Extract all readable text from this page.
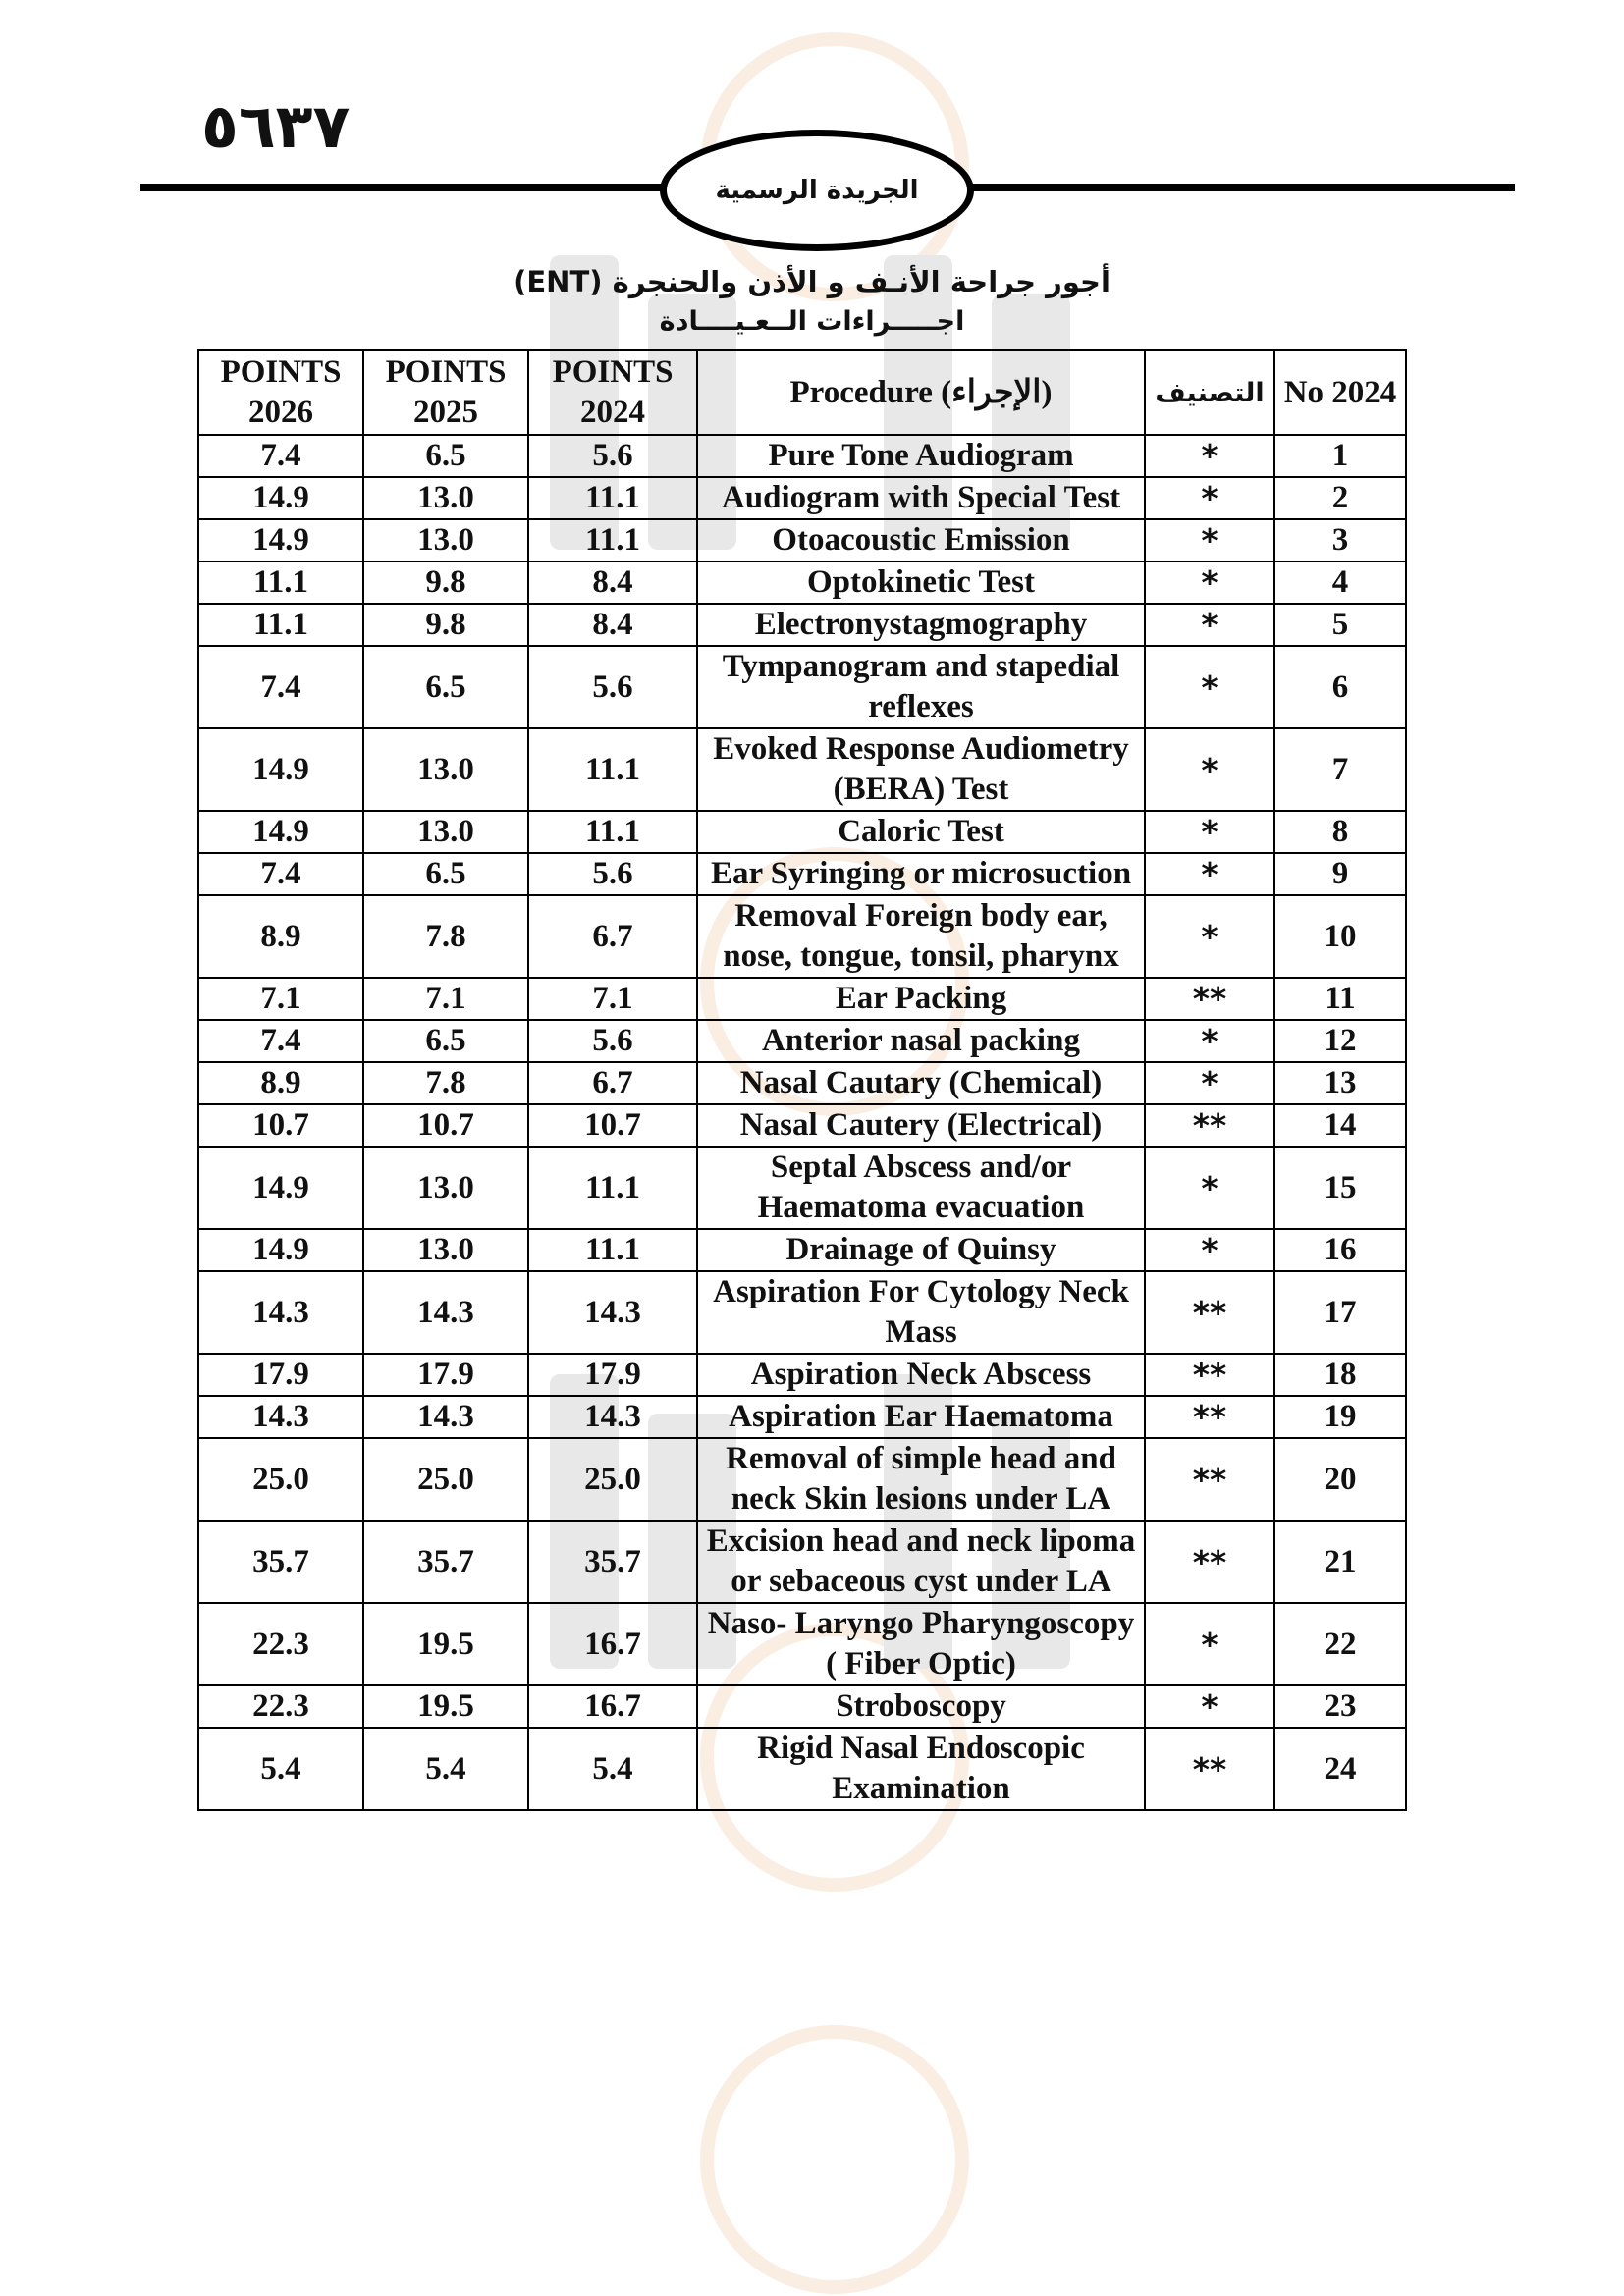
٥٦٣٧
الجريدة الرسمية
أجور جراحة الأنـف و الأذن والحنجرة (ENT)
اجـــــراءات الــعـيــــادة
POINTS 2026	POINTS 2025	POINTS 2024	Procedure (الإجراء)	التصنيف	No 2024
7.4	6.5	5.6	Pure Tone Audiogram	*	1
14.9	13.0	11.1	Audiogram with Special Test	*	2
14.9	13.0	11.1	Otoacoustic Emission	*	3
11.1	9.8	8.4	Optokinetic Test	*	4
11.1	9.8	8.4	Electronystagmography	*	5
7.4	6.5	5.6	Tympanogram and stapedial reflexes	*	6
14.9	13.0	11.1	Evoked Response Audiometry (BERA) Test	*	7
14.9	13.0	11.1	Caloric Test	*	8
7.4	6.5	5.6	Ear Syringing or microsuction	*	9
8.9	7.8	6.7	Removal Foreign body ear, nose, tongue, tonsil, pharynx	*	10
7.1	7.1	7.1	Ear Packing	**	11
7.4	6.5	5.6	Anterior nasal packing	*	12
8.9	7.8	6.7	Nasal Cautary (Chemical)	*	13
10.7	10.7	10.7	Nasal Cautery (Electrical)	**	14
14.9	13.0	11.1	Septal Abscess and/or Haematoma evacuation	*	15
14.9	13.0	11.1	Drainage of Quinsy	*	16
14.3	14.3	14.3	Aspiration For Cytology Neck Mass	**	17
17.9	17.9	17.9	Aspiration Neck Abscess	**	18
14.3	14.3	14.3	Aspiration Ear Haematoma	**	19
25.0	25.0	25.0	Removal of simple head and neck Skin lesions under LA	**	20
35.7	35.7	35.7	Excision head and neck lipoma or sebaceous cyst under LA	**	21
22.3	19.5	16.7	Naso- Laryngo Pharyngoscopy ( Fiber Optic)	*	22
22.3	19.5	16.7	Stroboscopy	*	23
5.4	5.4	5.4	Rigid Nasal Endoscopic Examination	**	24
